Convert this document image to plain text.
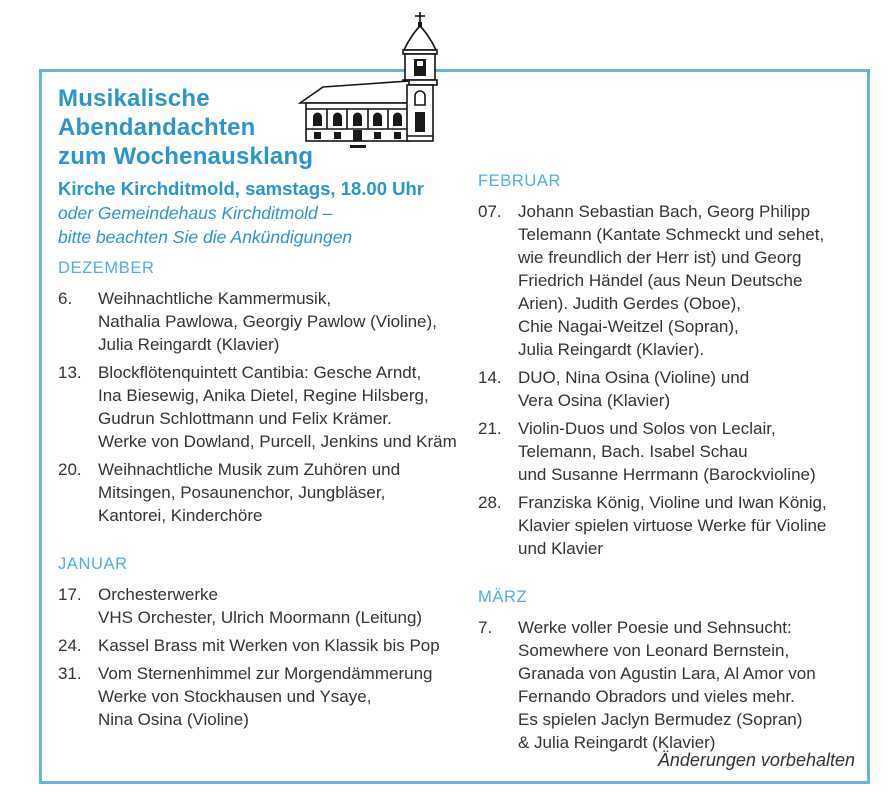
Musikalische
Abendandachten
zum Wochenausklang
Kirche Kirchditmold, samstags, 18.00 Uhr
oder Gemeindehaus Kirchditmold –
bitte beachten Sie die Ankündigungen
DEZEMBER
6.	Weihnachtliche Kammermusik,
Nathalia Pawlowa, Georgiy Pawlow (Violine),
Julia Reingardt (Klavier)
13. Blockflötenquintett Cantibia: Gesche Arndt,
Ina Biesewig, Anika Dietel, Regine Hilsberg,
Gudrun Schlottmann und Felix Krämer.
Werke von Dowland, Purcell, Jenkins und Kräm
20. Weihnachtliche Musik zum Zuhören und
Mitsingen, Posaunenchor, Jungbläser,
Kantorei, Kinderchöre
JANUAR
17. Orchesterwerke
VHS Orchester, Ulrich Moormann (Leitung)
24. Kassel Brass mit Werken von Klassik bis Pop
31. Vom Sternenhimmel zur Morgendämmerung
Werke von Stockhausen und Ysaye,
Nina Osina (Violine)
FEBRUAR
07. Johann Sebastian Bach, Georg Philipp
Telemann (Kantate Schmeckt und sehet,
wie freundlich der Herr ist) und Georg
Friedrich Händel (aus Neun Deutsche
Arien). Judith Gerdes (Oboe),
Chie Nagai-Weitzel (Sopran),
Julia Reingardt (Klavier).
14. DUO, Nina Osina (Violine) und
Vera Osina (Klavier)
21. Violin-Duos und Solos von Leclair,
Telemann, Bach. Isabel Schau
und Susanne Herrmann (Barockvioline)
28. Franziska König, Violine und Iwan König,
Klavier spielen virtuose Werke für Violine
und Klavier
MÄRZ
7.	Werke voller Poesie und Sehnsucht:
Somewhere von Leonard Bernstein,
Granada von Agustin Lara, Al Amor von
Fernando Obradors und vieles mehr.
Es spielen Jaclyn Bermudez (Sopran)
& Julia Reingardt (Klavier)
Änderungen vorbehalten
